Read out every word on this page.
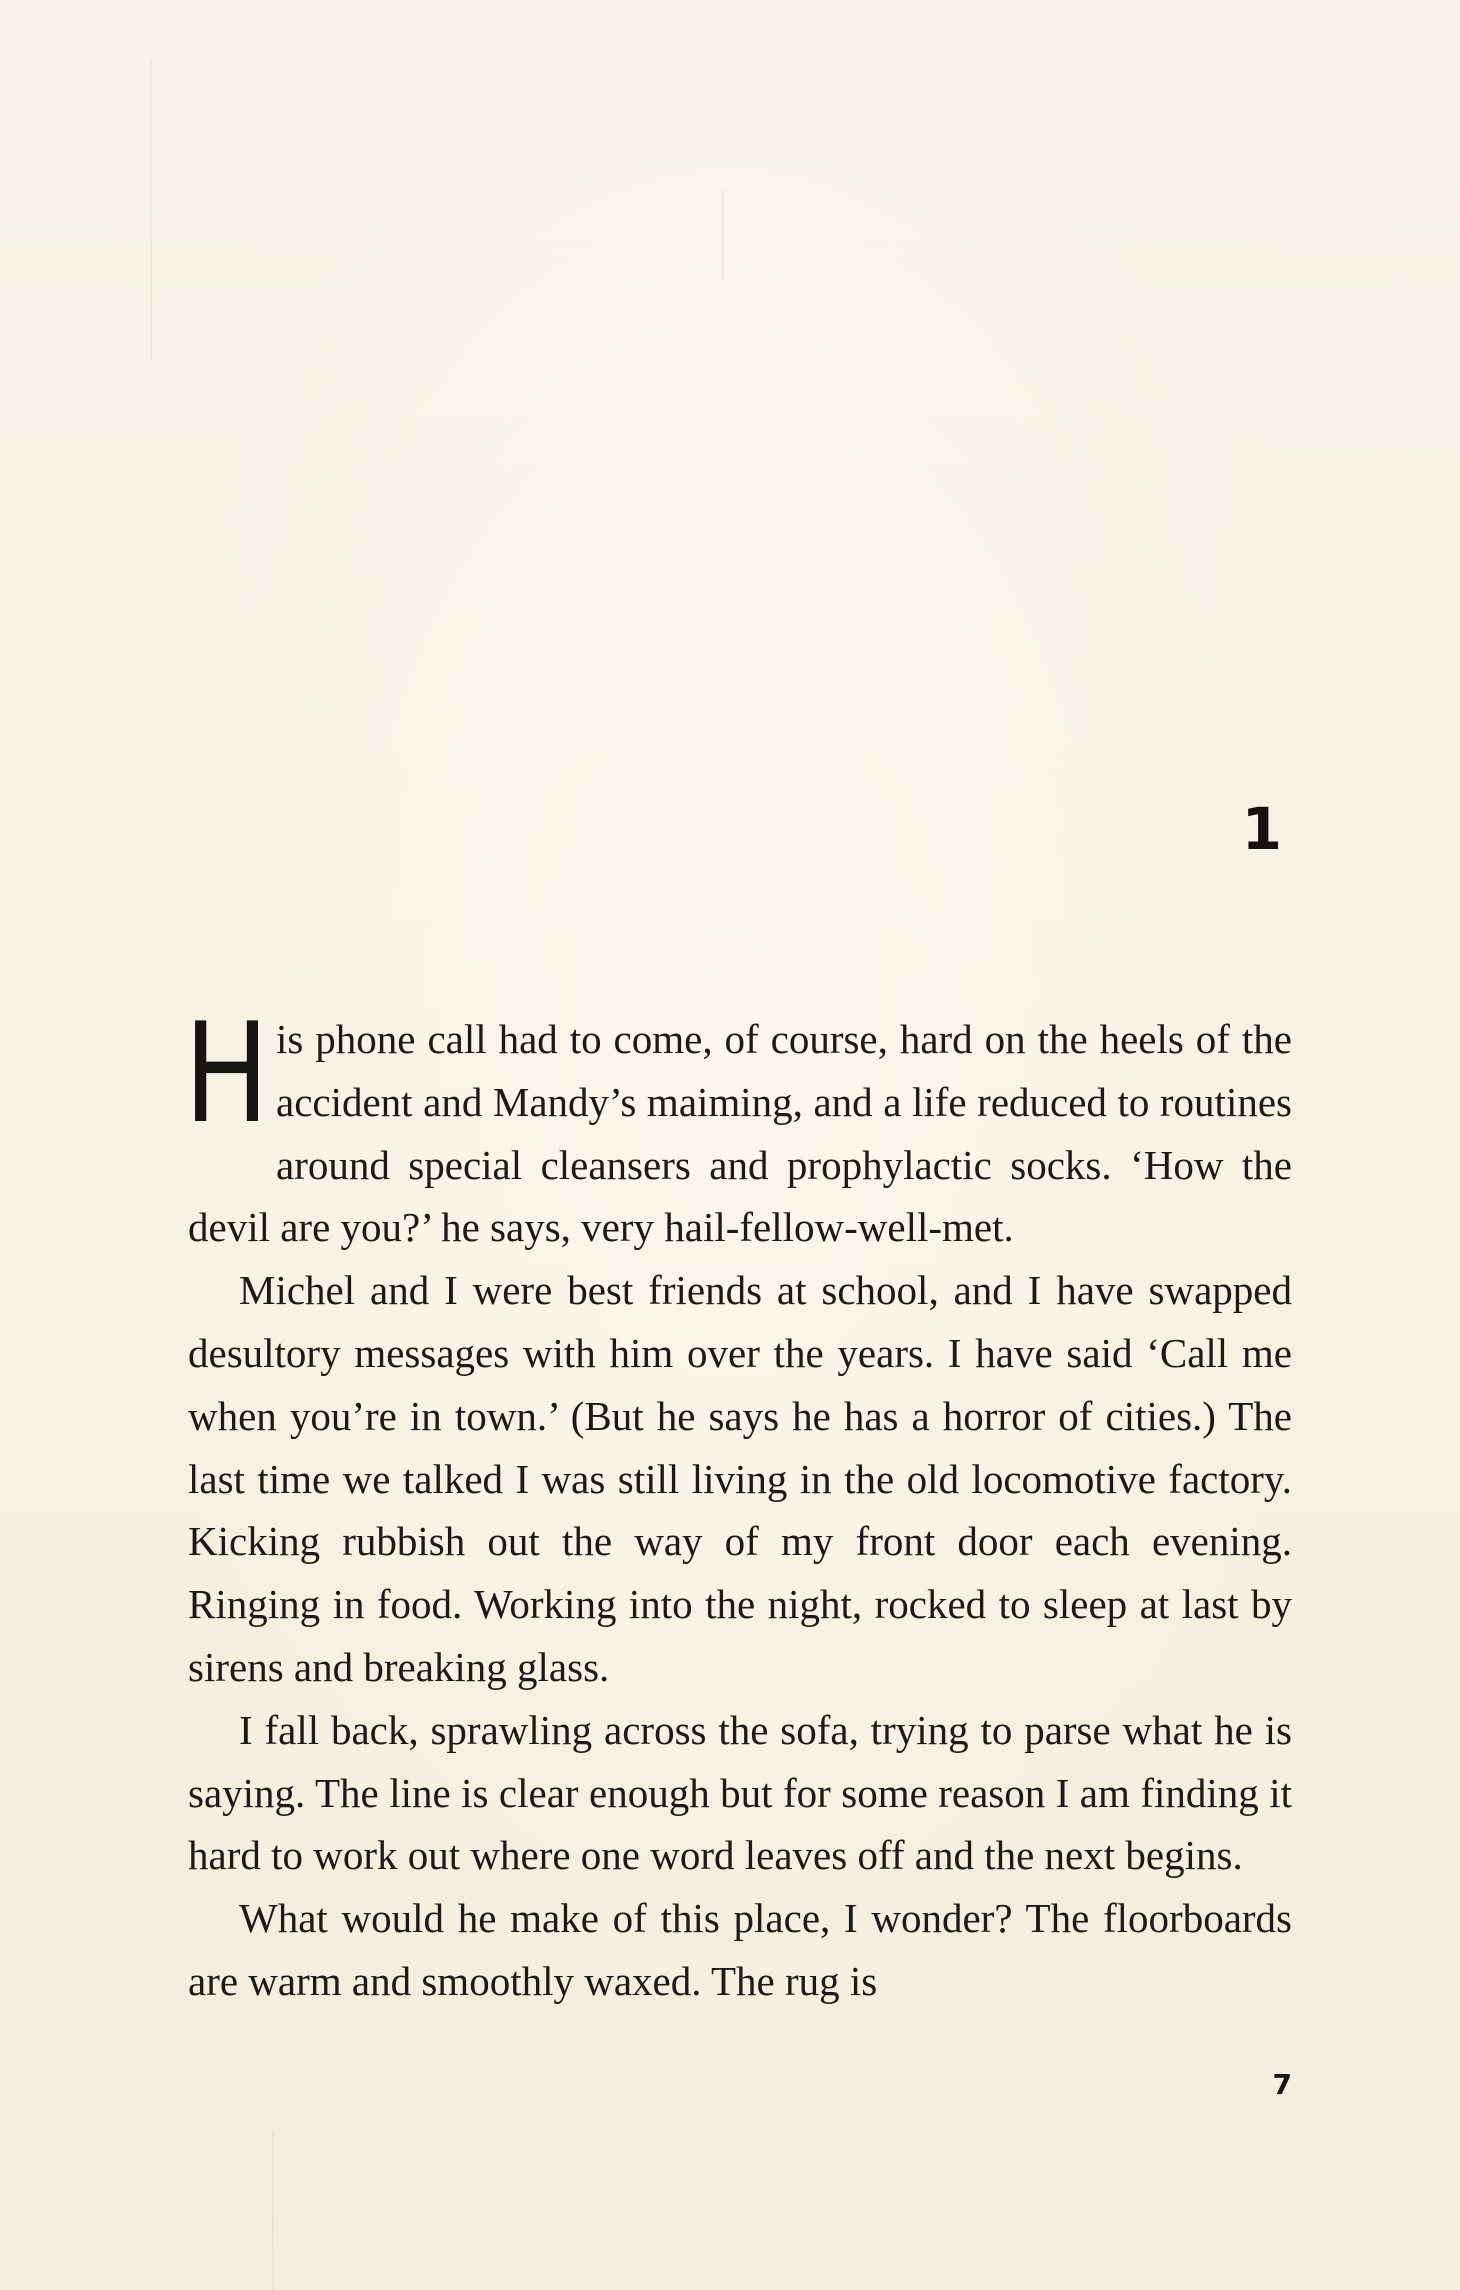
1

His phone call had to come, of course, hard on the heels of the accident and Mandy’s maiming, and a life reduced to routines around special cleansers and prophylactic socks. ‘How the devil are you?’ he says, very hail-fellow-well-met.

Michel and I were best friends at school, and I have swapped desultory messages with him over the years. I have said ‘Call me when you’re in town.’ (But he says he has a horror of cities.) The last time we talked I was still living in the old locomotive factory. Kicking rubbish out the way of my front door each evening. Ringing in food. Working into the night, rocked to sleep at last by sirens and breaking glass.

I fall back, sprawling across the sofa, trying to parse what he is saying. The line is clear enough but for some reason I am finding it hard to work out where one word leaves off and the next begins.

What would he make of this place, I wonder? The floorboards are warm and smoothly waxed. The rug is

7
